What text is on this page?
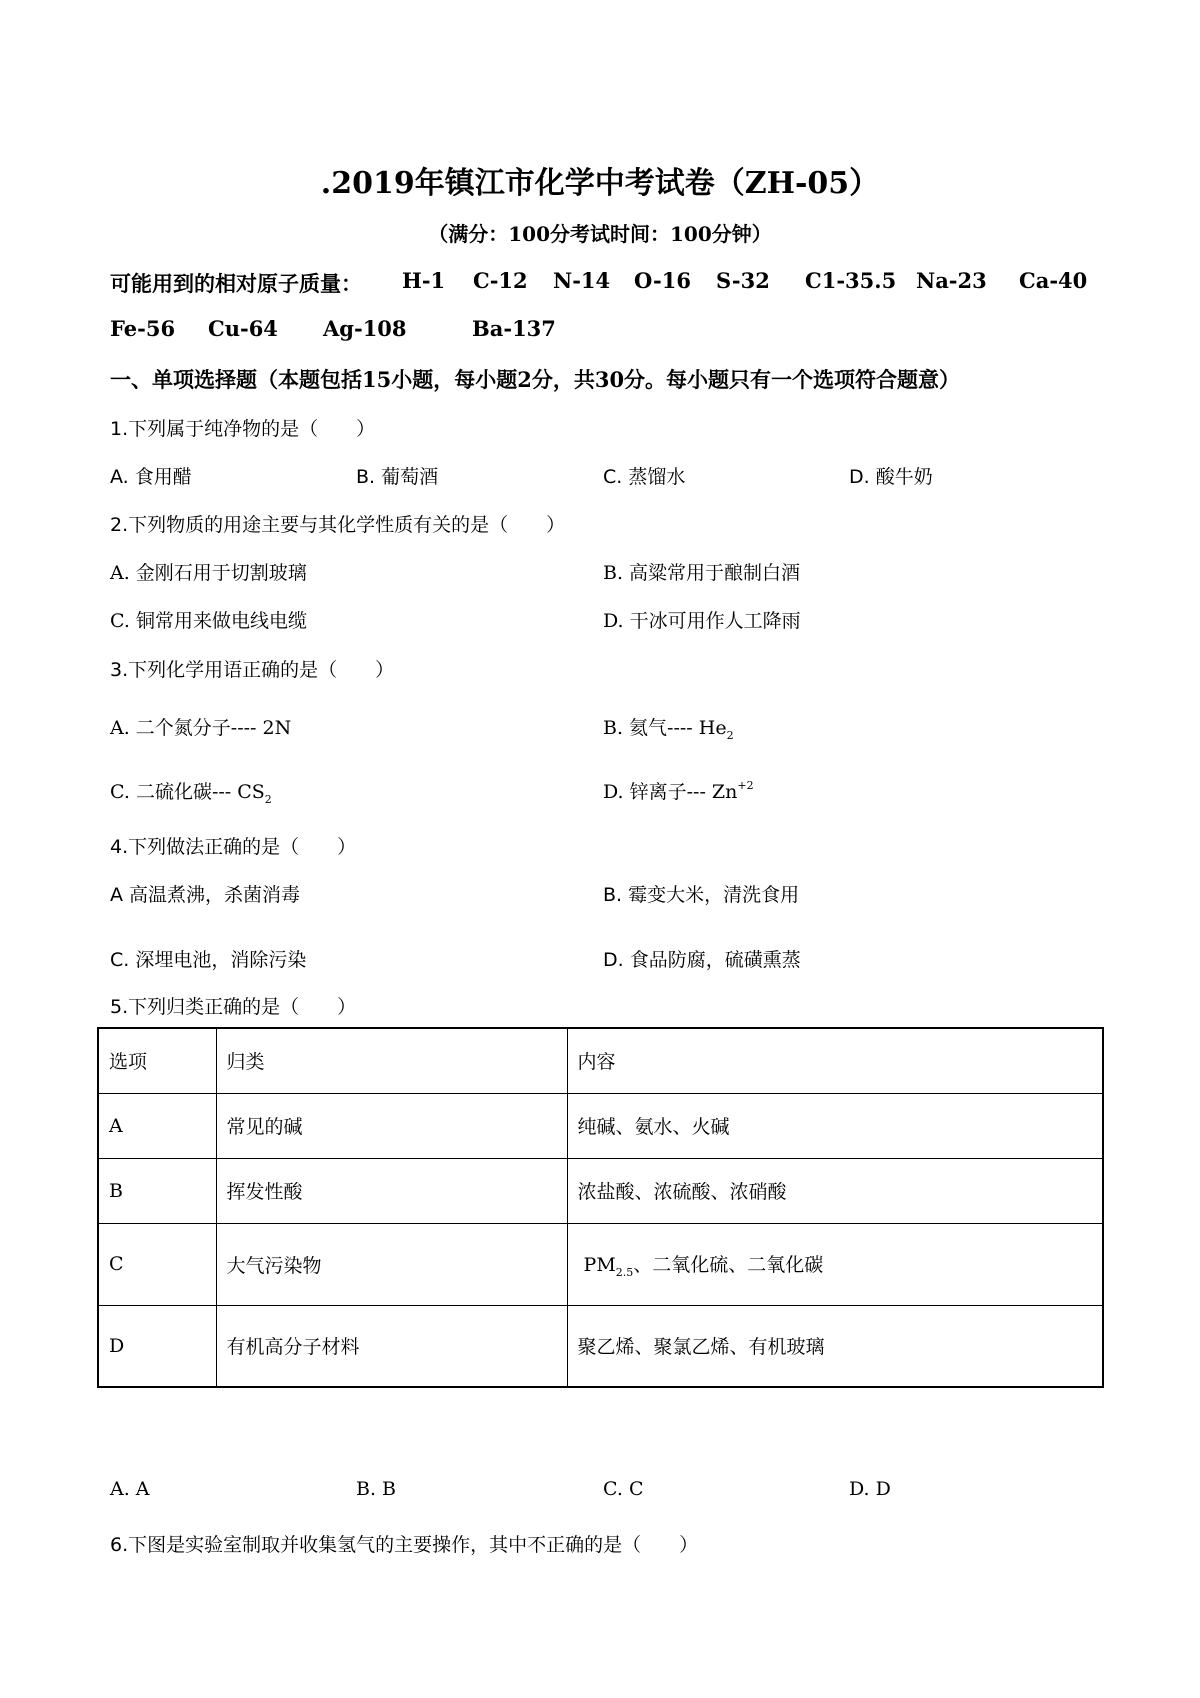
.2019年镇江市化学中考试卷（ZH-05）
（满分：100分考试时间：100分钟）
可能用到的相对原子质量： H-1 C-12 N-14 O-16 S-32 C1-35.5 Na-23 Ca-40
Fe-56 Cu-64 Ag-108	Ba-137
一、单项选择题（本题包括15小题，每小题2分，共30分。每小题只有一个选项符合题意）
1.下列属于纯净物的是（　　）
A. 食用醋	B. 葡萄酒	C. 蒸馏水	D. 酸牛奶
2.下列物质的用途主要与其化学性质有关的是（　　）
A. 金刚石用于切割玻璃	B. 高粱常用于酿制白酒
C. 铜常用来做电线电缆	D. 干冰可用作人工降雨
3.下列化学用语正确的是（　　）
A. 二个氮分子---- 2N	B. 氦气---- $He_2$
C. 二硫化碳--- $CS_2$	D. 锌离子--- $Zn^{+2}$
4.下列做法正确的是（　　）
A 高温煮沸，杀菌消毒	B. 霉变大米，清洗食用
C. 深埋电池，消除污染	D. 食品防腐，硫磺熏蒸
5.下列归类正确的是（　　）
选项	归类	内容
A	常见的碱	纯碱、氨水、火碱
B	挥发性酸	浓盐酸、浓硫酸、浓硝酸
C	大气污染物	$PM_{2.5}$、二氧化硫、二氧化碳
D	有机高分子材料	聚乙烯、聚氯乙烯、有机玻璃
A. A	B. B	C. C	D. D
6.下图是实验室制取并收集氢气的主要操作，其中不正确的是（　　）
